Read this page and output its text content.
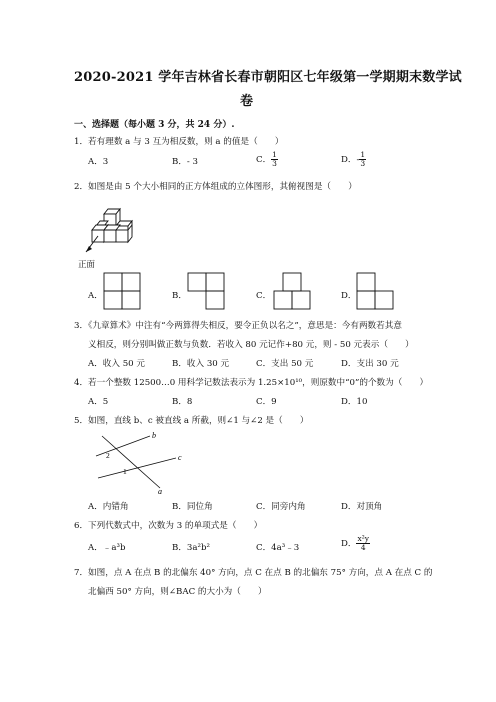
2020-2021 学年吉林省长春市朝阳区七年级第一学期期末数学试
卷
一、选择题（每小题 3 分，共 24 分）.
1．若有理数 a 与 3 互为相反数，则 a 的值是（　　）
A．3	B．- 3	C． $\frac{1}{3}$	D．- $\frac{1}{3}$
2．如图是由 5 个大小相同的正方体组成的立体图形，其俯视图是（　　）
正面
A．	B．	C．	D．
3．《九章算术》中注有“今两算得失相反，要令正负以名之”，意思是：今有两数若其意
义相反，则分别叫做正数与负数．若收入 80 元记作+80 元，则 - 50 元表示（　　）
A．收入 50 元	B．收入 30 元	C．支出 50 元	D．支出 30 元
4．若一个整数 12500…0 用科学记数法表示为 1.25×10¹⁰，则原数中“0”的个数为（　　）
A．5	B．8	C．9	D．10
5．如图，直线 b、c 被直线 a 所截，则∠1 与∠2 是（　　）
b
c
a
2
1
A．内错角	B．同位角	C．同旁内角	D．对顶角
6．下列代数式中，次数为 3 的单项式是（　　）
A．﹣a³b	B．3a²b²	C．4a³﹣3	D． $\frac{\text{x²y}}{4}$
7．如图，点 A 在点 B 的北偏东 40° 方向，点 C 在点 B 的北偏东 75° 方向，点 A 在点 C 的
北偏西 50° 方向，则∠BAC 的大小为（　　）
